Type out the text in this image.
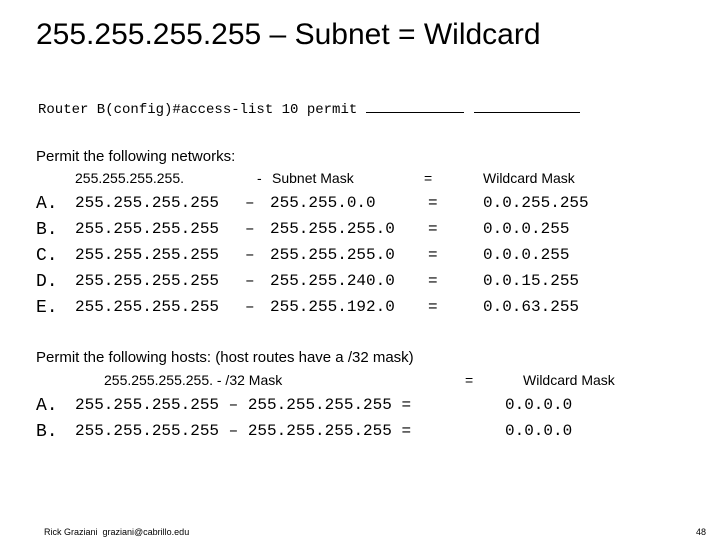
255.255.255.255 – Subnet = Wildcard
Router B(config)#access-list 10 permit
Permit the following networks:
255.255.255.255.	- Subnet Mask	=	Wildcard Mask
A. 255.255.255.255 – 255.255.0.0	=	0.0.255.255
B. 255.255.255.255 – 255.255.255.0 =	0.0.0.255
C. 255.255.255.255 – 255.255.255.0 =	0.0.0.255
D. 255.255.255.255 – 255.255.240.0 =	0.0.15.255
E. 255.255.255.255 – 255.255.192.0 =	0.0.63.255
Permit the following hosts: (host routes have a /32 mask)
255.255.255.255. - /32 Mask	=	Wildcard Mask
A. 255.255.255.255 – 255.255.255.255 =	0.0.0.0
B. 255.255.255.255 – 255.255.255.255 =	0.0.0.0
Rick Graziani  graziani@cabrillo.edu	48
